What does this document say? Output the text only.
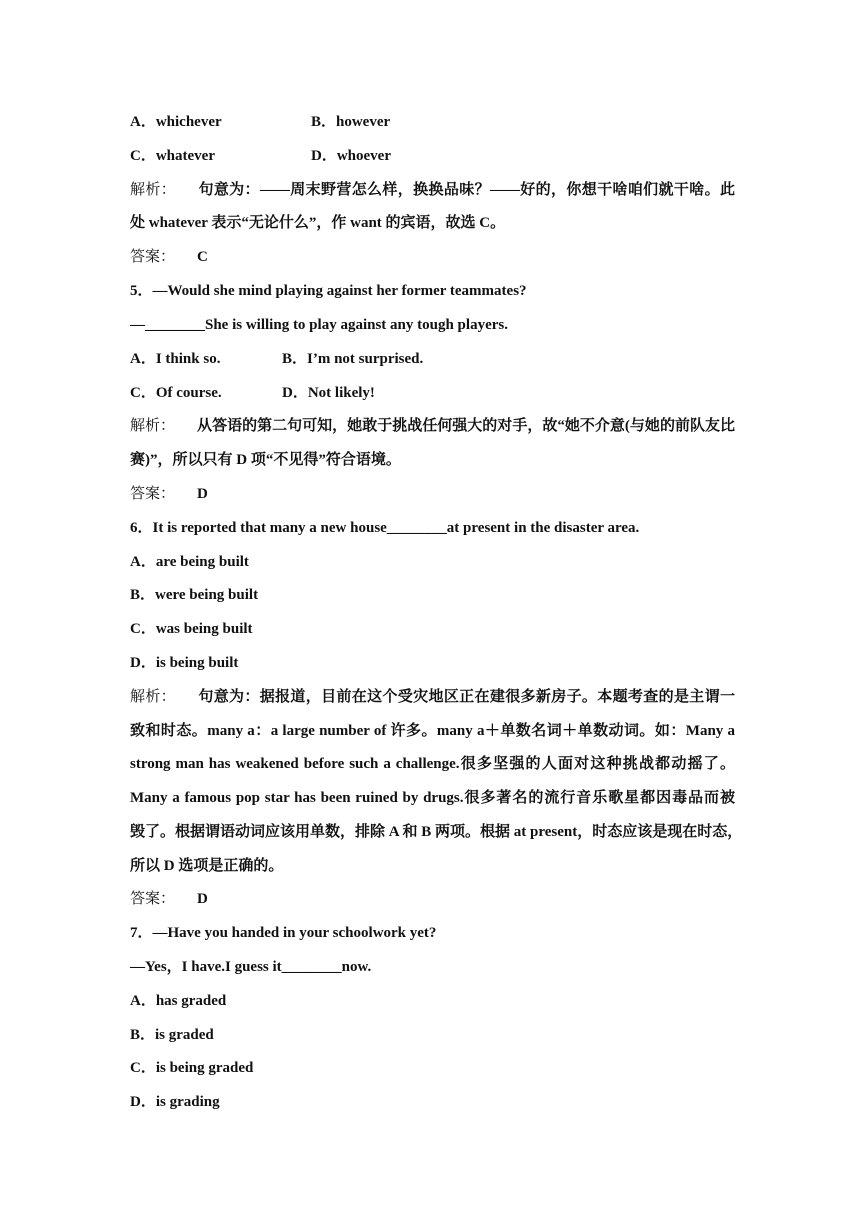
A．whichever	B．however
C．whatever	D．whoever
解析： 句意为：——周末野营怎么样，换换品味？——好的，你想干啥咱们就干啥。此
处 whatever 表示“无论什么”，作 want 的宾语，故选 C。
答案： C
5．—Would she mind playing against her former teammates?
—________She is willing to play against any tough players.
A．I think so.	B．I’m not surprised.
C．Of course.	D．Not likely!
解析： 从答语的第二句可知，她敢于挑战任何强大的对手，故“她不介意(与她的前队友比
赛)”，所以只有 D 项“不见得”符合语境。
答案： D
6．It is reported that many a new house________at present in the disaster area.
A．are being built
B．were being built
C．was being built
D．is being built
解析： 句意为：据报道，目前在这个受灾地区正在建很多新房子。本题考查的是主谓一
致和时态。many a：a large number of 许多。many a＋单数名词＋单数动词。如：Many a
strong man has weakened before such a challenge.很多坚强的人面对这种挑战都动摇了。
Many a famous pop star has been ruined by drugs.很多著名的流行音乐歌星都因毒品而被
毁了。根据谓语动词应该用单数，排除 A 和 B 两项。根据 at present，时态应该是现在时态，
所以 D 选项是正确的。
答案： D
7．—Have you handed in your schoolwork yet?
—Yes，I have.I guess it________now.
A．has graded
B．is graded
C．is being graded
D．is grading
